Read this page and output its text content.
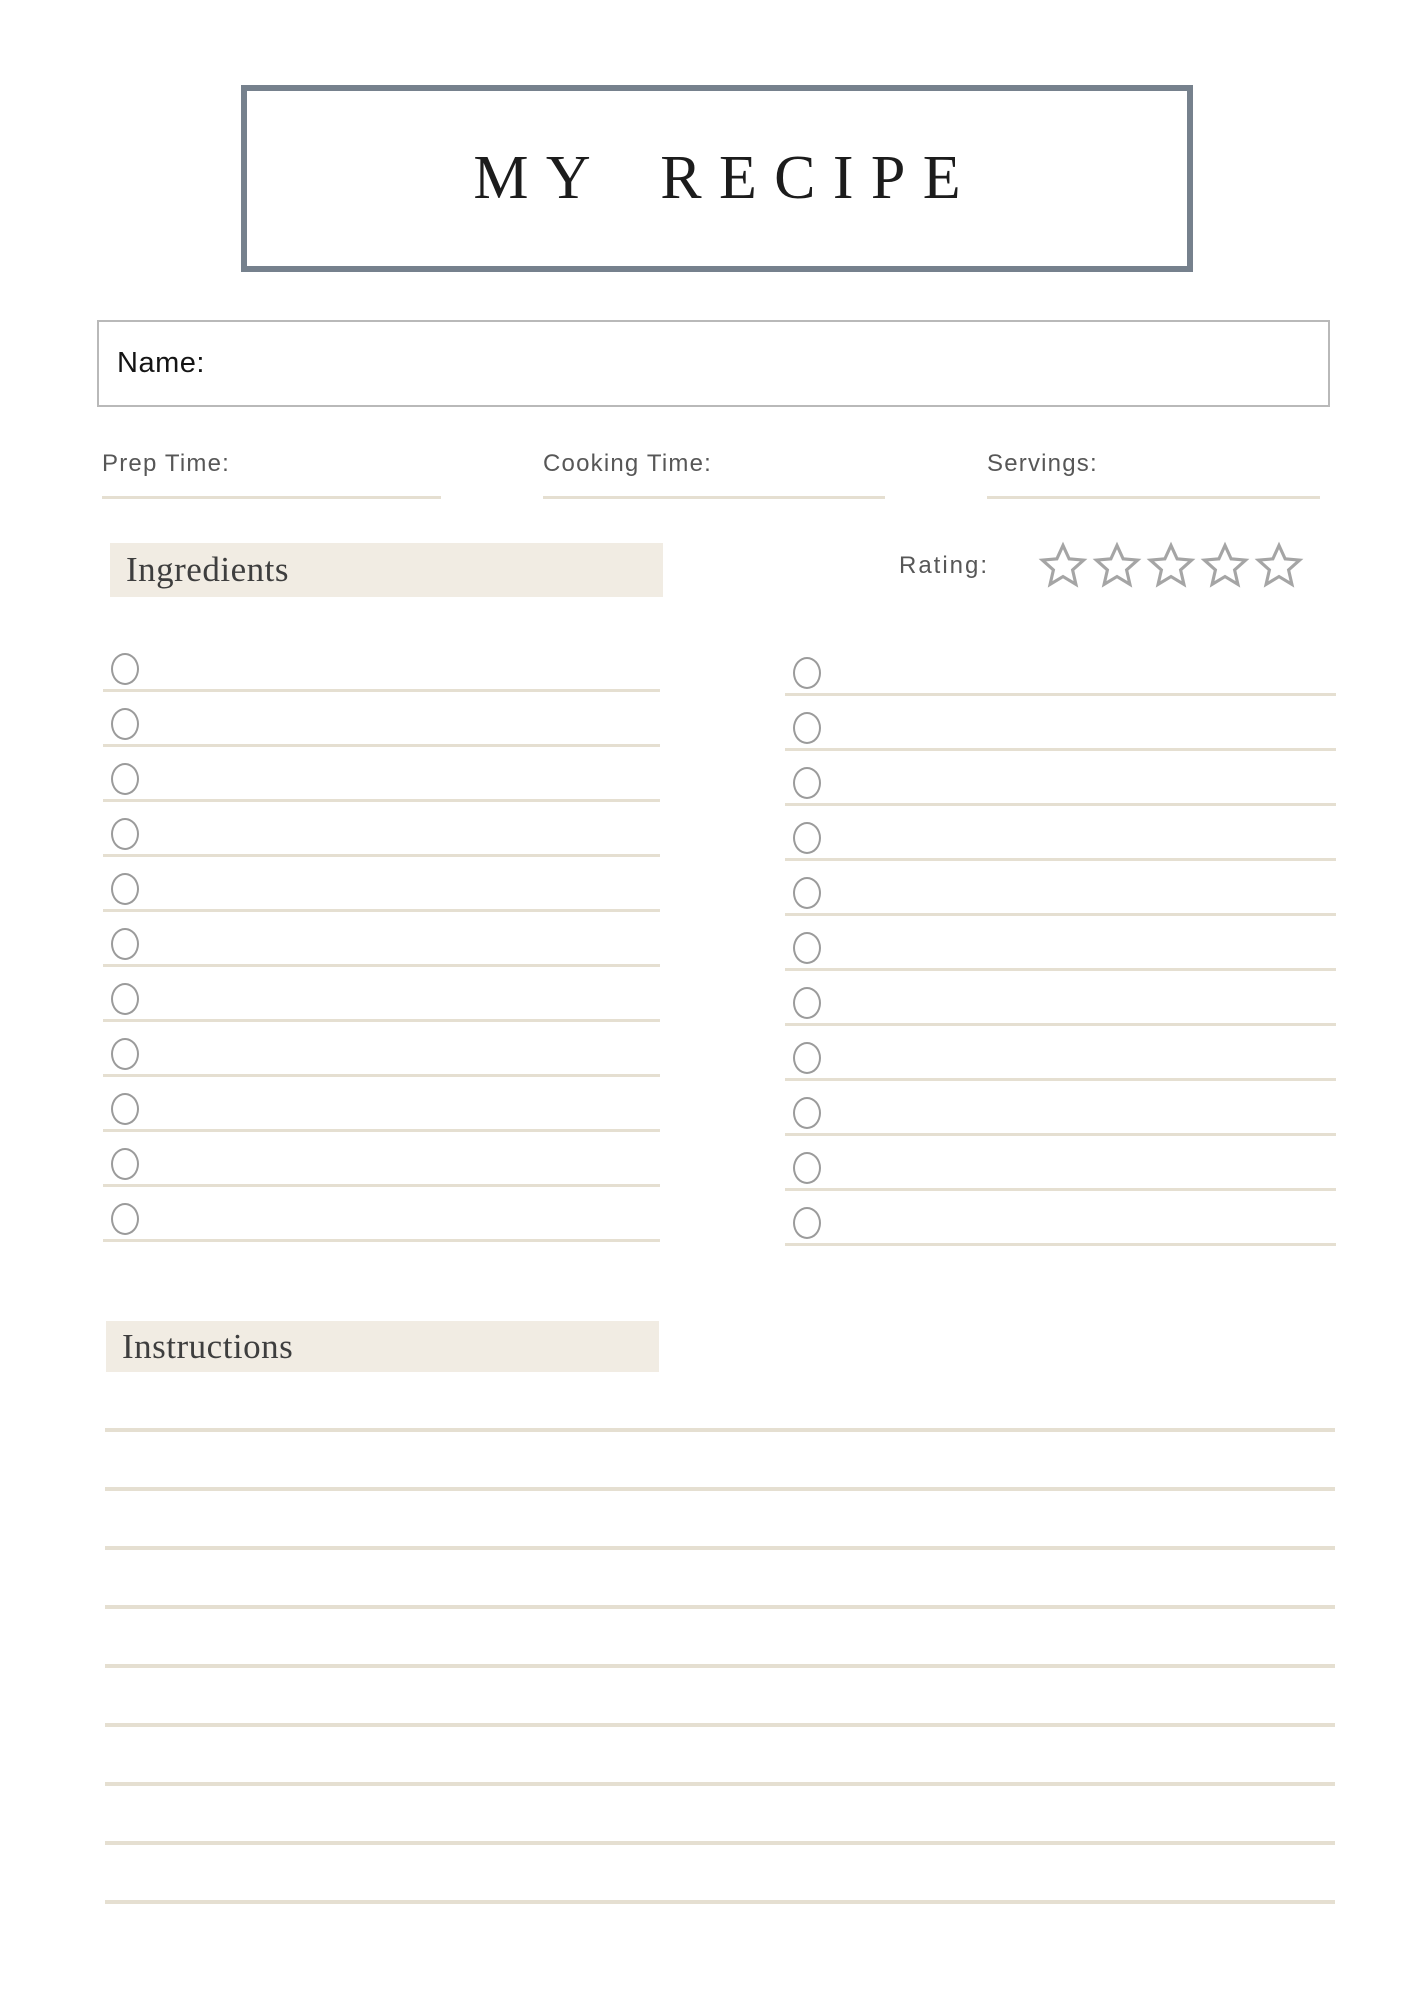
MY RECIPE
Name:
Prep Time:	Cooking Time:	Servings:
Ingredients	Rating:
Instructions
